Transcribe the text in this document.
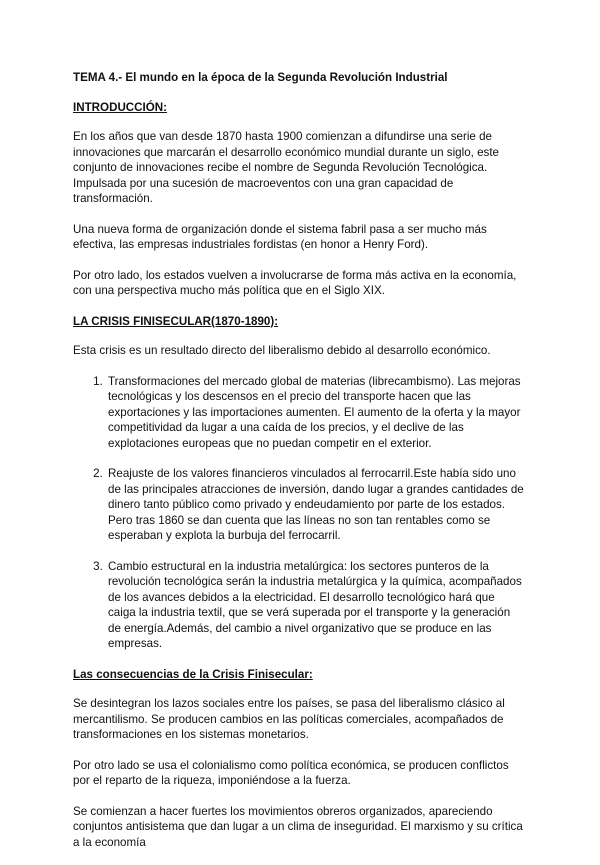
TEMA 4.- El mundo en la época de la Segunda Revolución Industrial
INTRODUCCIÓN:

En los años que van desde 1870 hasta 1900 comienzan a difundirse una serie de innovaciones que marcarán el desarrollo económico mundial durante un siglo, este conjunto de innovaciones recibe el nombre de Segunda Revolución Tecnológica. Impulsada por una sucesión de macroeventos con una gran capacidad de transformación.

Una nueva forma de organización donde el sistema fabril pasa a ser mucho más efectiva, las empresas industriales fordistas (en honor a Henry Ford).

Por otro lado, los estados vuelven a involucrarse de forma más activa en la economía, con una perspectiva mucho más política que en el Siglo XIX.

LA CRISIS FINISECULAR(1870-1890):

Esta crisis es un resultado directo del liberalismo debido al desarrollo económico.

1. Transformaciones del mercado global de materias (librecambismo). Las mejoras tecnológicas y los descensos en el precio del transporte hacen que las exportaciones y las importaciones aumenten. El aumento de la oferta y la mayor competitividad da lugar a una caída de los precios, y el declive de las explotaciones europeas que no puedan competir en el exterior.
2. Reajuste de los valores financieros vinculados al ferrocarril.Este había sido uno de las principales atracciones de inversión, dando lugar a grandes cantidades de dinero tanto público como privado y endeudamiento por parte de los estados. Pero tras 1860 se dan cuenta que las líneas no son tan rentables como se esperaban y explota la burbuja del ferrocarril.
3. Cambio estructural en la industria metalúrgica: los sectores punteros de la revolución tecnológica serán la industria metalúrgica y la química, acompañados de los avances debidos a la electricidad. El desarrollo tecnológico hará que caiga la industria textil, que se verá superada por el transporte y la generación de energía.Además, del cambio a nivel organizativo que se produce en las empresas.
Las consecuencias de la Crisis Finisecular:

Se desintegran los lazos sociales entre los países, se pasa del liberalismo clásico al mercantilismo. Se producen cambios en las políticas comerciales, acompañados de transformaciones en los sistemas monetarios.

Por otro lado se usa el colonialismo como política económica, se producen conflictos por el reparto de la riqueza, imponiéndose a la fuerza.

Se comienzan a hacer fuertes los movimientos obreros organizados, apareciendo conjuntos antisistema que dan lugar a un clima de inseguridad. El marxismo y su crítica a la economía
